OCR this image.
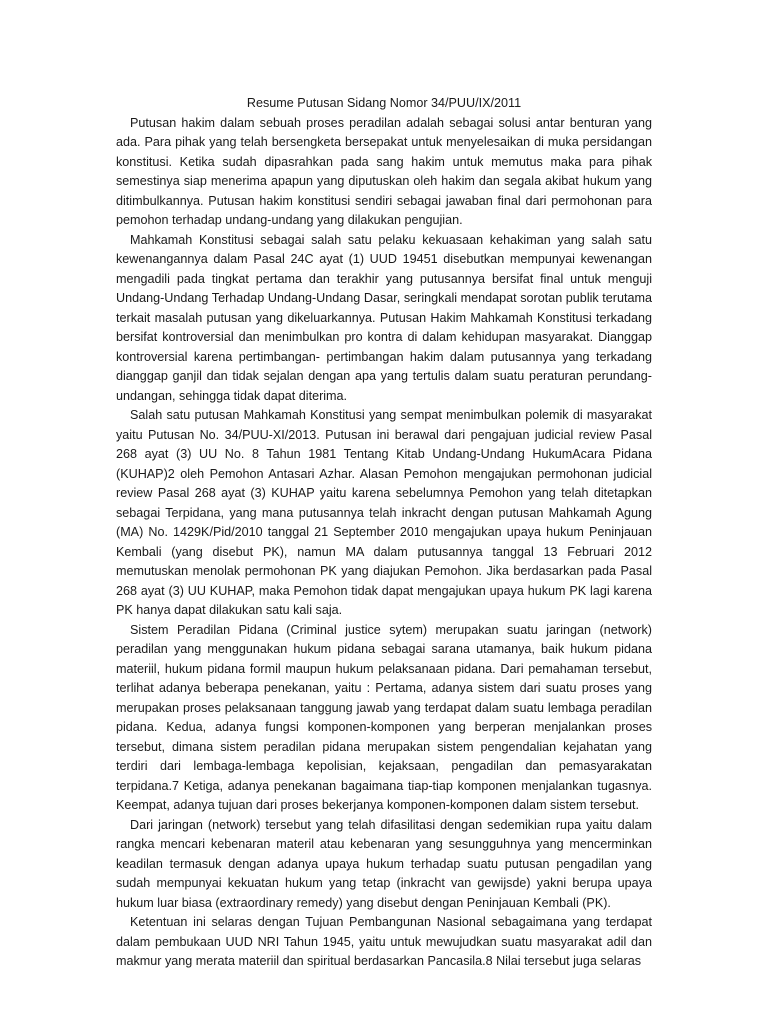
Resume Putusan Sidang Nomor 34/PUU/IX/2011

Putusan hakim dalam sebuah proses peradilan adalah sebagai solusi antar benturan yang ada. Para pihak yang telah bersengketa bersepakat untuk menyelesaikan di muka persidangan konstitusi. Ketika sudah dipasrahkan pada sang hakim untuk memutus maka para pihak semestinya siap menerima apapun yang diputuskan oleh hakim dan segala akibat hukum yang ditimbulkannya. Putusan hakim konstitusi sendiri sebagai jawaban final dari permohonan para pemohon terhadap undang-undang yang dilakukan pengujian.

Mahkamah Konstitusi sebagai salah satu pelaku kekuasaan kehakiman yang salah satu kewenangannya dalam Pasal 24C ayat (1) UUD 19451 disebutkan mempunyai kewenangan mengadili pada tingkat pertama dan terakhir yang putusannya bersifat final untuk menguji Undang-Undang Terhadap Undang-Undang Dasar, seringkali mendapat sorotan publik terutama terkait masalah putusan yang dikeluarkannya. Putusan Hakim Mahkamah Konstitusi terkadang bersifat kontroversial dan menimbulkan pro kontra di dalam kehidupan masyarakat. Dianggap kontroversial karena pertimbangan- pertimbangan hakim dalam putusannya yang terkadang dianggap ganjil dan tidak sejalan dengan apa yang tertulis dalam suatu peraturan perundang-undangan, sehingga tidak dapat diterima.

Salah satu putusan Mahkamah Konstitusi yang sempat menimbulkan polemik di masyarakat yaitu Putusan No. 34/PUU-XI/2013. Putusan ini berawal dari pengajuan judicial review Pasal 268 ayat (3) UU No. 8 Tahun 1981 Tentang Kitab Undang-Undang HukumAcara Pidana (KUHAP)2 oleh Pemohon Antasari Azhar. Alasan Pemohon mengajukan permohonan judicial review Pasal 268 ayat (3) KUHAP yaitu karena sebelumnya Pemohon yang telah ditetapkan sebagai Terpidana, yang mana putusannya telah inkracht dengan putusan Mahkamah Agung (MA) No. 1429K/Pid/2010 tanggal 21 September 2010 mengajukan upaya hukum Peninjauan Kembali (yang disebut PK), namun MA dalam putusannya tanggal 13 Februari 2012 memutuskan menolak permohonan PK yang diajukan Pemohon. Jika berdasarkan pada Pasal 268 ayat (3) UU KUHAP, maka Pemohon tidak dapat mengajukan upaya hukum PK lagi karena PK hanya dapat dilakukan satu kali saja.

Sistem Peradilan Pidana (Criminal justice sytem) merupakan suatu jaringan (network) peradilan yang menggunakan hukum pidana sebagai sarana utamanya, baik hukum pidana materiil, hukum pidana formil maupun hukum pelaksanaan pidana. Dari pemahaman tersebut, terlihat adanya beberapa penekanan, yaitu : Pertama, adanya sistem dari suatu proses yang merupakan proses pelaksanaan tanggung jawab yang terdapat dalam suatu lembaga peradilan pidana. Kedua, adanya fungsi komponen-komponen yang berperan menjalankan proses tersebut, dimana sistem peradilan pidana merupakan sistem pengendalian kejahatan yang terdiri dari lembaga-lembaga kepolisian, kejaksaan, pengadilan dan pemasyarakatan terpidana.7 Ketiga, adanya penekanan bagaimana tiap-tiap komponen menjalankan tugasnya. Keempat, adanya tujuan dari proses bekerjanya komponen-komponen dalam sistem tersebut.

Dari jaringan (network) tersebut yang telah difasilitasi dengan sedemikian rupa yaitu dalam rangka mencari kebenaran materil atau kebenaran yang sesungguhnya yang mencerminkan keadilan termasuk dengan adanya upaya hukum terhadap suatu putusan pengadilan yang sudah mempunyai kekuatan hukum yang tetap (inkracht van gewijsde) yakni berupa upaya hukum luar biasa (extraordinary remedy) yang disebut dengan Peninjauan Kembali (PK).

Ketentuan ini selaras dengan Tujuan Pembangunan Nasional sebagaimana yang terdapat dalam pembukaan UUD NRI Tahun 1945, yaitu untuk mewujudkan suatu masyarakat adil dan makmur yang merata materiil dan spiritual berdasarkan Pancasila.8 Nilai tersebut juga selaras
